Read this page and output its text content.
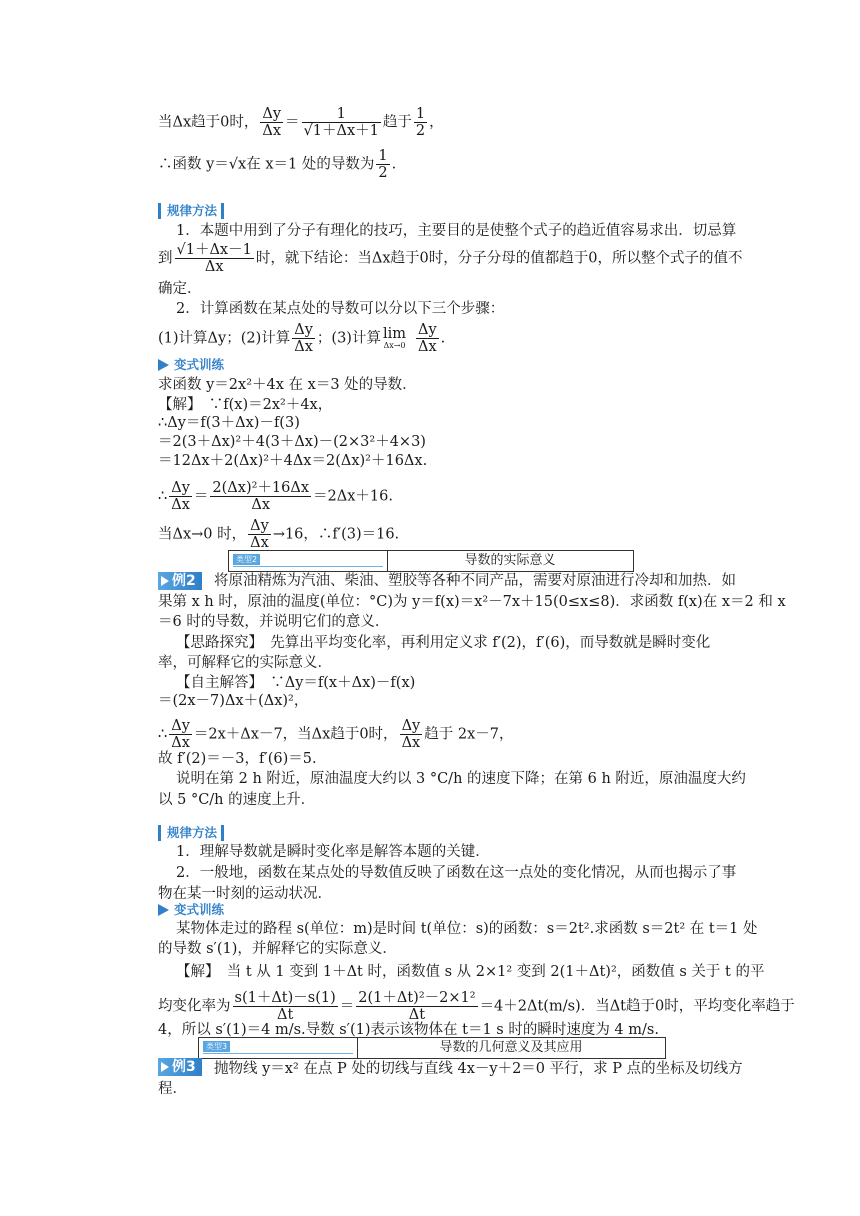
当Δx趋于0时， $\frac{\Delta y}{\Delta x} = \frac{1}{√1+\Delta x+1}$ 趋于 $\frac{1}{2}$ ，
∴函数 y＝√x在 x＝1 处的导数为 $\frac{1}{2}$ .
规律方法
1．本题中用到了分子有理化的技巧，主要目的是使整个式子的趋近值容易求出．切忌算
到 $\frac{√1+\Delta x-1}{\Delta x}$ 时，就下结论：当Δx趋于0时，分子分母的值都趋于0，所以整个式子的值不
确定．
2．计算函数在某点处的导数可以分以下三个步骤：
(1)计算Δy；(2)计算 $\frac{\Delta y}{\Delta x}$ ；(3)计算 lim
$\Delta x\to 0 \frac{\Delta y}{\Delta x}$ .
变式训练
求函数 y＝2x²＋4x 在 x＝3 处的导数．
【解】　∵f(x)＝2x²＋4x，
∴Δy＝f(3＋Δx)－f(3)
＝2(3＋Δx)²＋4(3＋Δx)－(2×3²＋4×3)
＝12Δx＋2(Δx)²＋4Δx＝2(Δx)²＋16Δx.
∴ $\frac{\Delta y}{\Delta x} = \frac{\text{2(Δx)²＋16Δx}}{\Delta x} =2\Delta x+16$.
当Δx→0 时， $\frac{\Delta y}{\Delta x} \to 16$，∴f′(3)＝16.
类型2	导数的实际意义
例2	将原油精炼为汽油、柴油、塑胶等各种不同产品，需要对原油进行冷却和加热．如
果第 x h 时，原油的温度(单位：°C)为 y＝f(x)＝x²－7x＋15(0≤x≤8)．求函数 f(x)在 x＝2 和 x
＝6 时的导数，并说明它们的意义．
【思路探究】　先算出平均变化率，再利用定义求 f′(2)，f′(6)，而导数就是瞬时变化
率，可解释它的实际意义．
【自主解答】　∵Δy＝f(x＋Δx)－f(x)
＝(2x－7)Δx＋(Δx)²，
∴ $\frac{\Delta y}{\Delta x} =2x+\Delta x-7$，当Δx趋于0时， $\frac{\Delta y}{\Delta x}$ 趋于 2x－7，
故 f′(2)＝－3，f′(6)＝5.
说明在第 2 h 附近，原油温度大约以 3 °C/h 的速度下降；在第 6 h 附近，原油温度大约
以 5 °C/h 的速度上升．
规律方法
1．理解导数就是瞬时变化率是解答本题的关键．
2．一般地，函数在某点处的导数值反映了函数在这一点处的变化情况，从而也揭示了事
物在某一时刻的运动状况．
变式训练
某物体走过的路程 s(单位：m)是时间 t(单位：s)的函数：s＝2t².求函数 s＝2t² 在 t＝1 处
的导数 s′(1)，并解释它的实际意义．
【解】　当 t 从 1 变到 1＋Δt 时，函数值 s 从 2×1² 变到 2(1＋Δt)²，函数值 s 关于 t 的平
均变化率为 $\frac{s(1+\Delta t)-s(1)}{\Delta t} = \frac{\text{2(1＋Δt)²－2×1²}}{\Delta t} =4+2\Delta t(m/s)$．当Δt趋于0时，平均变化率趋于
4，所以 s′(1)＝4 m/s.导数 s′(1)表示该物体在 t＝1 s 时的瞬时速度为 4 m/s.
类型3	导数的几何意义及其应用
例3	抛物线 y＝x² 在点 P 处的切线与直线 4x－y＋2＝0 平行，求 P 点的坐标及切线方
程．
